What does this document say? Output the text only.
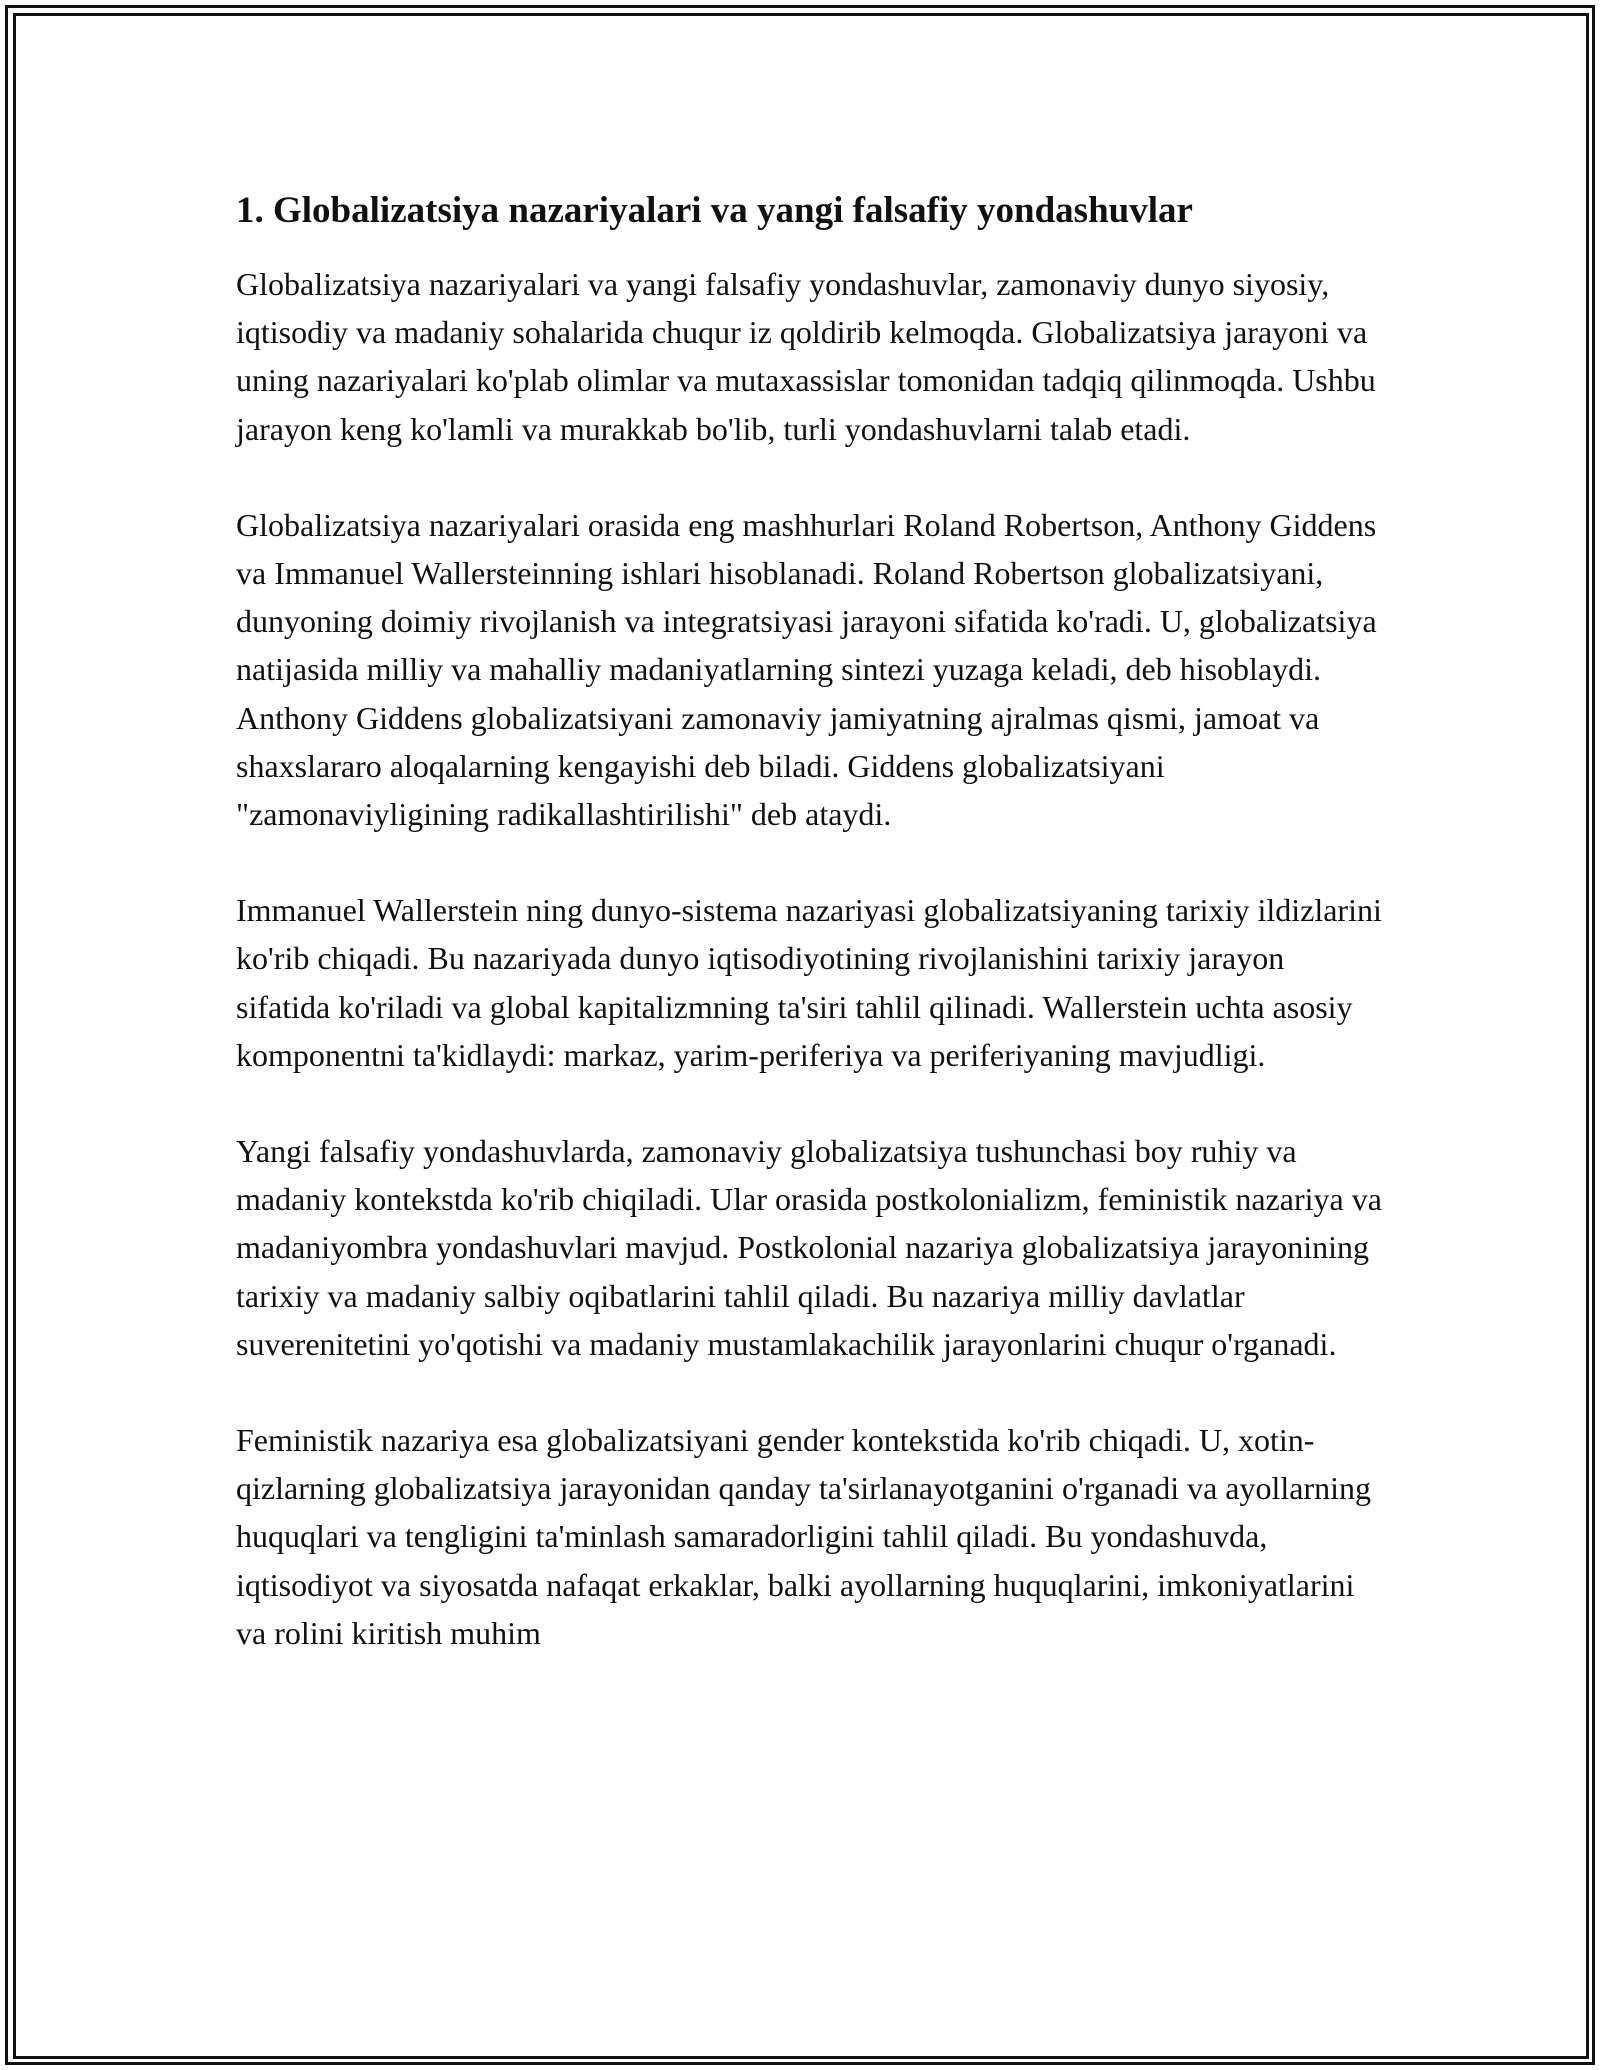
1. Globalizatsiya nazariyalari va yangi falsafiy yondashuvlar

Globalizatsiya nazariyalari va yangi falsafiy yondashuvlar, zamonaviy dunyo siyosiy, iqtisodiy va madaniy sohalarida chuqur iz qoldirib kelmoqda. Globalizatsiya jarayoni va uning nazariyalari ko'plab olimlar va mutaxassislar tomonidan tadqiq qilinmoqda. Ushbu jarayon keng ko'lamli va murakkab bo'lib, turli yondashuvlarni talab etadi.

Globalizatsiya nazariyalari orasida eng mashhurlari Roland Robertson, Anthony Giddens va Immanuel Wallersteinning ishlari hisoblanadi. Roland Robertson globalizatsiyani, dunyoning doimiy rivojlanish va integratsiyasi jarayoni sifatida ko'radi. U, globalizatsiya natijasida milliy va mahalliy madaniyatlarning sintezi yuzaga keladi, deb hisoblaydi. Anthony Giddens globalizatsiyani zamonaviy jamiyatning ajralmas qismi, jamoat va shaxslararo aloqalarning kengayishi deb biladi. Giddens globalizatsiyani "zamonaviyligining radikallashtirilishi" deb ataydi.

Immanuel Wallerstein ning dunyo-sistema nazariyasi globalizatsiyaning tarixiy ildizlarini ko'rib chiqadi. Bu nazariyada dunyo iqtisodiyotining rivojlanishini tarixiy jarayon sifatida ko'riladi va global kapitalizmning ta'siri tahlil qilinadi. Wallerstein uchta asosiy komponentni ta'kidlaydi: markaz, yarim-periferiya va periferiyaning mavjudligi.

Yangi falsafiy yondashuvlarda, zamonaviy globalizatsiya tushunchasi boy ruhiy va madaniy kontekstda ko'rib chiqiladi. Ular orasida postkolonializm, feministik nazariya va madaniyombra yondashuvlari mavjud. Postkolonial nazariya globalizatsiya jarayonining tarixiy va madaniy salbiy oqibatlarini tahlil qiladi. Bu nazariya milliy davlatlar suverenitetini yo'qotishi va madaniy mustamlakachilik jarayonlarini chuqur o'rganadi.

Feministik nazariya esa globalizatsiyani gender kontekstida ko'rib chiqadi. U, xotin-qizlarning globalizatsiya jarayonidan qanday ta'sirlanayotganini o'rganadi va ayollarning huquqlari va tengligini ta'minlash samaradorligini tahlil qiladi. Bu yondashuvda, iqtisodiyot va siyosatda nafaqat erkaklar, balki ayollarning huquqlarini, imkoniyatlarini va rolini kiritish muhim
